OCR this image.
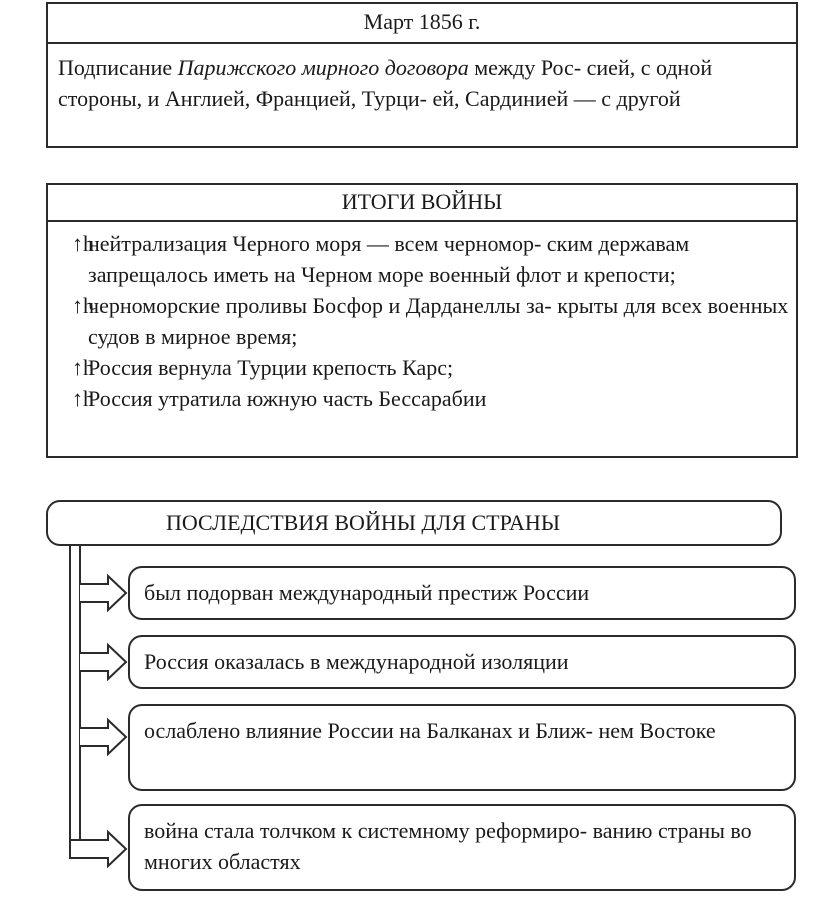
Март 1856 г.
Подписание Парижского мирного договора между Рос- сией, с одной стороны, и Англией, Францией, Турци- ей, Сардинией — с другой
ИТОГИ ВОЙНЫ
↑h
нейтрализация Черного моря — всем черномор- ским державам запрещалось иметь на Черном море военный флот и крепости;
↑h
черноморские проливы Босфор и Дарданеллы за- крыты для всех военных судов в мирное время;
↑h
Россия вернула Турции крепость Карс;
↑h
Россия утратила южную часть Бессарабии
ПОСЛЕДСТВИЯ ВОЙНЫ ДЛЯ СТРАНЫ
был подорван международный престиж России
Россия оказалась в международной изоляции
ослаблено влияние России на Балканах и Ближ- нем Востоке
война стала толчком к системному реформиро- ванию страны во многих областях
